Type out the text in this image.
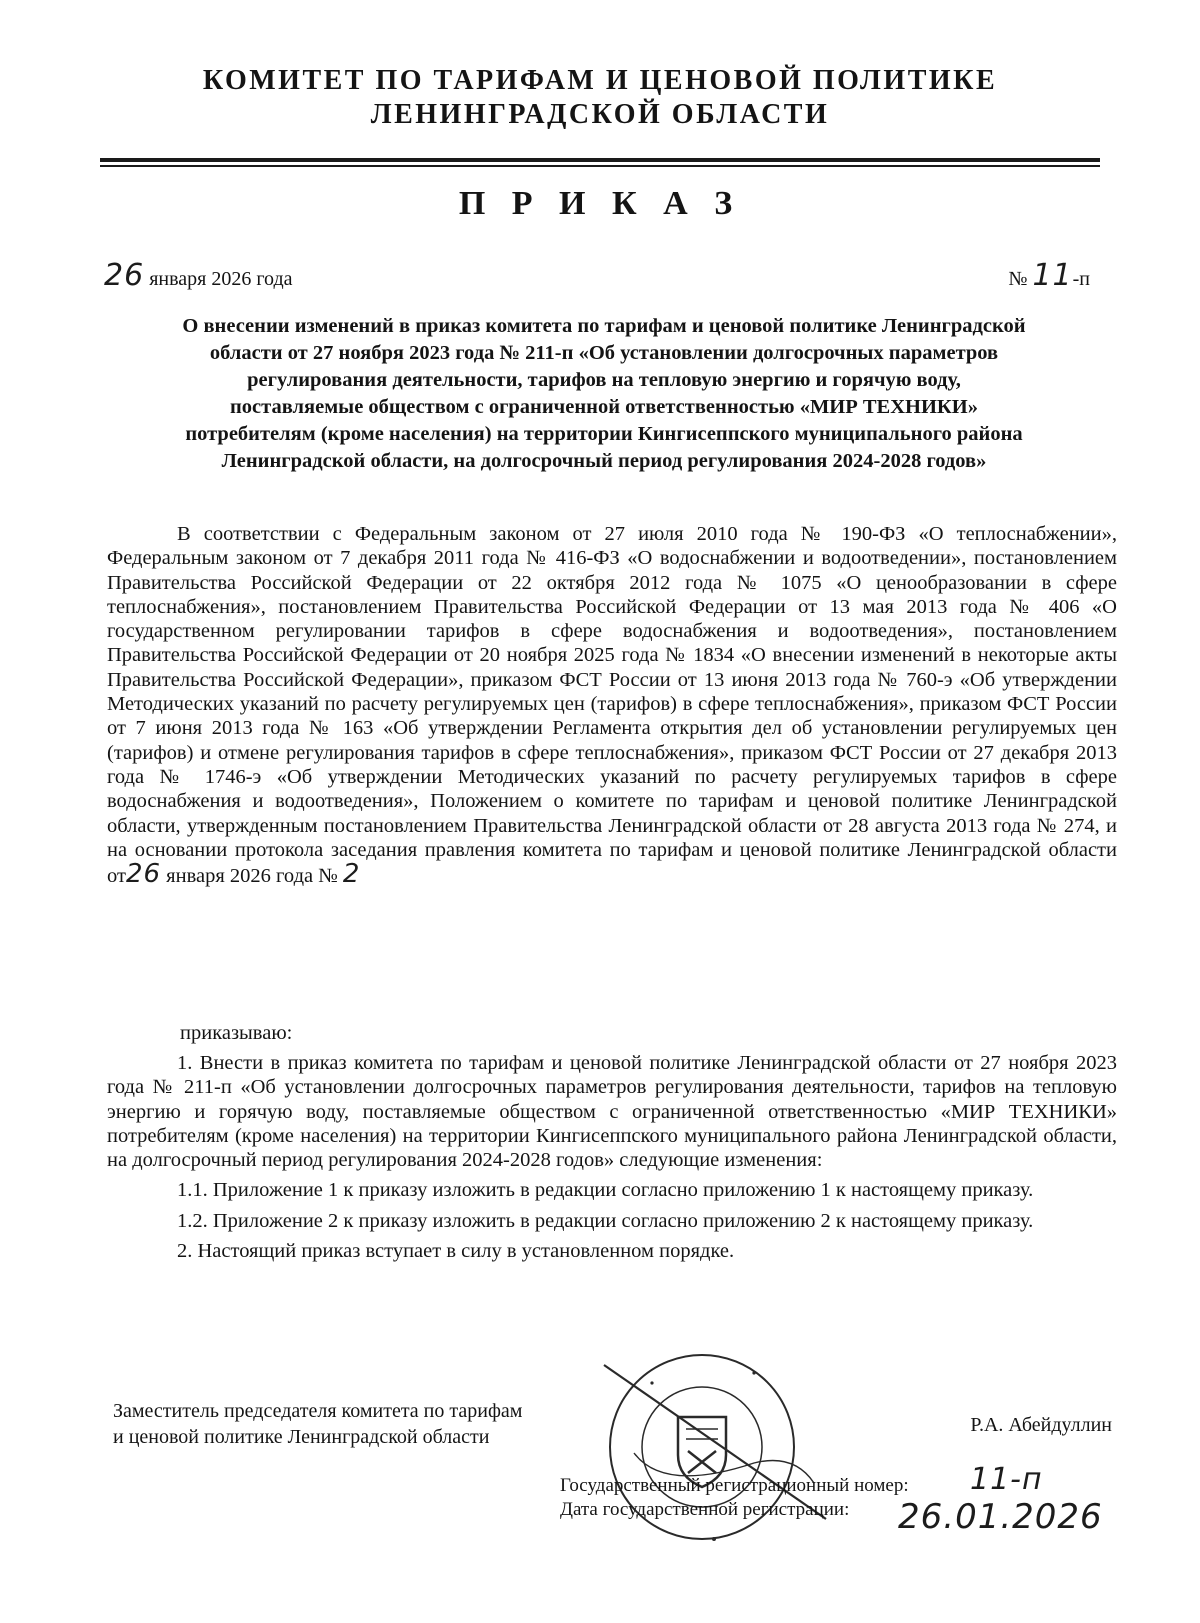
КОМИТЕТ ПО ТАРИФАМ И ЦЕНОВОЙ ПОЛИТИКЕ
ЛЕНИНГРАДСКОЙ ОБЛАСТИ
П Р И К А З
26 января 2026 года	№ 11-п
О внесении изменений в приказ комитета по тарифам и ценовой политике Ленинградской
области от 27 ноября 2023 года № 211-п «Об установлении долгосрочных параметров
регулирования деятельности, тарифов на тепловую энергию и горячую воду,
поставляемые обществом с ограниченной ответственностью «МИР ТЕХНИКИ»
потребителям (кроме населения) на территории Кингисеппского муниципального района
Ленинградской области, на долгосрочный период регулирования 2024-2028 годов»
В соответствии с Федеральным законом от 27 июля 2010 года № 190-ФЗ «О теплоснабжении», Федеральным законом от 7 декабря 2011 года № 416-ФЗ «О водоснабжении и водоотведении», постановлением Правительства Российской Федерации от 22 октября 2012 года № 1075 «О ценообразовании в сфере теплоснабжения», постановлением Правительства Российской Федерации от 13 мая 2013 года № 406 «О государственном регулировании тарифов в сфере водоснабжения и водоотведения», постановлением Правительства Российской Федерации от 20 ноября 2025 года № 1834 «О внесении изменений в некоторые акты Правительства Российской Федерации», приказом ФСТ России от 13 июня 2013 года № 760-э «Об утверждении Методических указаний по расчету регулируемых цен (тарифов) в сфере теплоснабжения», приказом ФСТ России от 7 июня 2013 года № 163 «Об утверждении Регламента открытия дел об установлении регулируемых цен (тарифов) и отмене регулирования тарифов в сфере теплоснабжения», приказом ФСТ России от 27 декабря 2013 года № 1746-э «Об утверждении Методических указаний по расчету регулируемых тарифов в сфере водоснабжения и водоотведения», Положением о комитете по тарифам и ценовой политике Ленинградской области, утвержденным постановлением Правительства Ленинградской области от 28 августа 2013 года № 274, и на основании протокола заседания правления комитета по тарифам и ценовой политике Ленинградской области от26 января 2026 года № 2
приказываю:

1. Внести в приказ комитета по тарифам и ценовой политике Ленинградской области от 27 ноября 2023 года № 211-п «Об установлении долгосрочных параметров регулирования деятельности, тарифов на тепловую энергию и горячую воду, поставляемые обществом с ограниченной ответственностью «МИР ТЕХНИКИ» потребителям (кроме населения) на территории Кингисеппского муниципального района Ленинградской области, на долгосрочный период регулирования 2024-2028 годов» следующие изменения:

1.1. Приложение 1 к приказу изложить в редакции согласно приложению 1 к настоящему приказу.

1.2. Приложение 2 к приказу изложить в редакции согласно приложению 2 к настоящему приказу.

2. Настоящий приказ вступает в силу в установленном порядке.

Заместитель председателя комитета по тарифам
и ценовой политике Ленинградской области
Р.А. Абейдуллин
Государственный регистрационный номер:
Дата государственной регистрации:
11-п
26.01.2026
